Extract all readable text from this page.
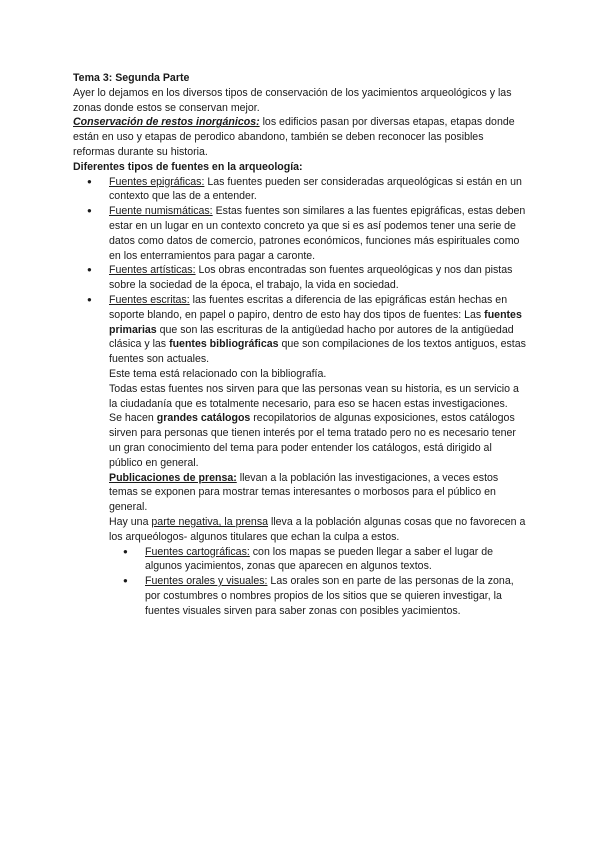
Tema 3: Segunda Parte

Ayer lo dejamos en los diversos tipos de conservación de los yacimientos arqueológicos y las zonas donde estos se conservan mejor.

Conservación de restos inorgánicos: los edificios pasan por diversas etapas, etapas donde están en uso y etapas de perodico abandono, también se deben reconocer las posibles reformas durante su historia.

Diferentes tipos de fuentes en la arqueología:

● Fuentes epigráficas: Las fuentes pueden ser consideradas arqueológicas si están en un contexto que las de a entender.
● Fuente numismáticas: Estas fuentes son similares a las fuentes epigráficas, estas deben estar en un lugar en un contexto concreto ya que si es así podemos tener una serie de datos como datos de comercio, patrones económicos, funciones más espirituales como en los enterramientos para pagar a caronte.
● Fuentes artísticas: Los obras encontradas son fuentes arqueológicas y nos dan pistas sobre la sociedad de la época, el trabajo, la vida en sociedad.
● Fuentes escritas: las fuentes escritas a diferencia de las epigráficas están hechas en soporte blando, en papel o papiro, dentro de esto hay dos tipos de fuentes: Las fuentes primarias que son las escrituras de la antigüedad hacho por autores de la antigüedad clásica y las fuentes bibliográficas que son compilaciones de los textos antiguos, estas fuentes son actuales.

Este tema está relacionado con la bibliografía.

Todas estas fuentes nos sirven para que las personas vean su historia, es un servicio a la ciudadanía que es totalmente necesario, para eso se hacen estas investigaciones.

Se hacen grandes catálogos recopilatorios de algunas exposiciones, estos catálogos sirven para personas que tienen interés por el tema tratado pero no es necesario tener un gran conocimiento del tema para poder entender los catálogos, está dirigido al público en general.

Publicaciones de prensa: llevan a la población las investigaciones, a veces estos temas se exponen para mostrar temas interesantes o morbosos para el público en general.

Hay una parte negativa, la prensa lleva a la población algunas cosas que no favorecen a los arqueólogos- algunos titulares que echan la culpa a estos.

● Fuentes cartográficas: con los mapas se pueden llegar a saber el lugar de algunos yacimientos, zonas que aparecen en algunos textos.
● Fuentes orales y visuales: Las orales son en parte de las personas de la zona, por costumbres o nombres propios de los sitios que se quieren investigar, la fuentes visuales sirven para saber zonas con posibles yacimientos.
